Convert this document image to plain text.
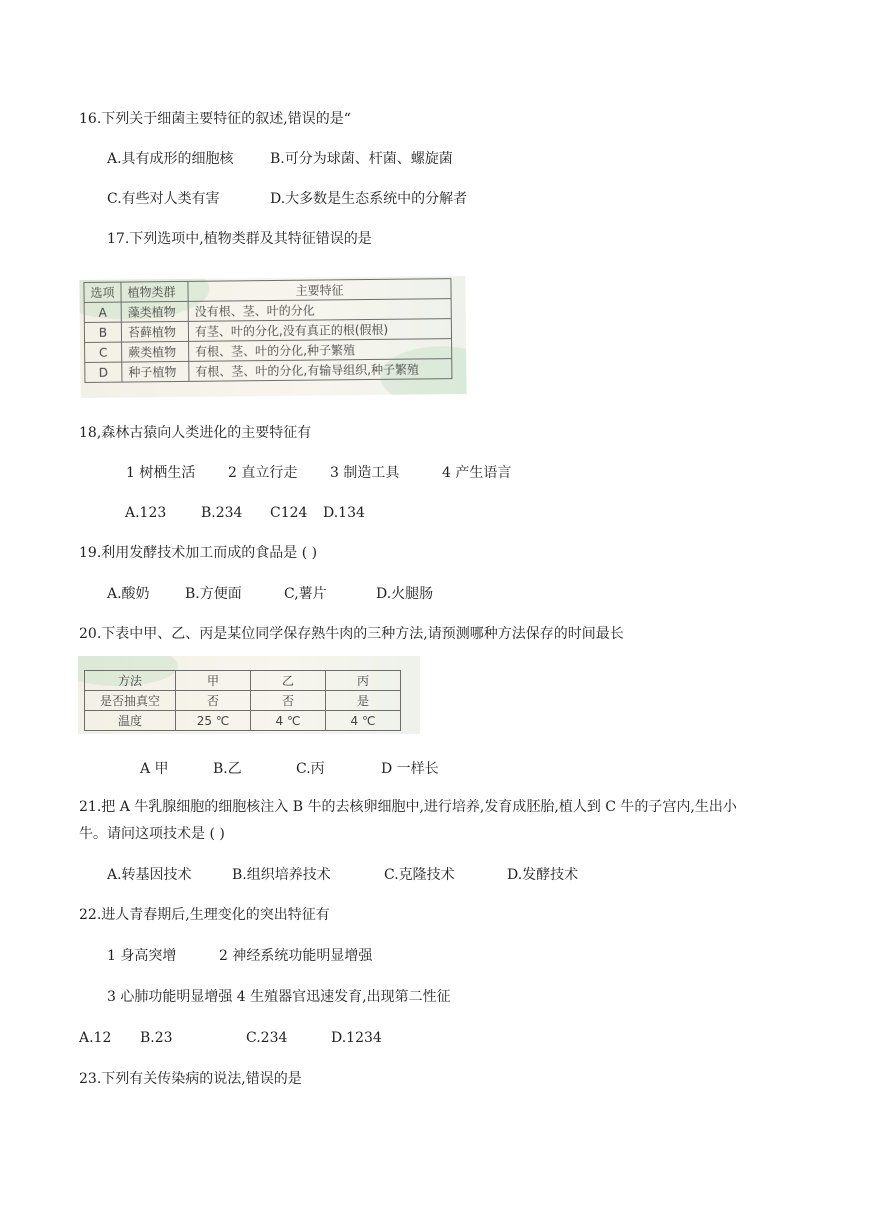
16.下列关于细菌主要特征的叙述,错误的是“
A.具有成形的细胞核	B.可分为球菌、杆菌、螺旋菌
C.有些对人类有害	D.大多数是生态系统中的分解者
17.下列选项中,植物类群及其特征错误的是
选项	植物类群	主要特征
A	藻类植物	没有根、茎、叶的分化
B	苔藓植物	有茎、叶的分化,没有真正的根(假根)
C	蕨类植物	有根、茎、叶的分化,种子繁殖
D	种子植物	有根、茎、叶的分化,有输导组织,种子繁殖
18,森林古猿向人类进化的主要特征有
1 树栖生活 2 直立行走 3 制造工具	4 产生语言
A.123 B.234 C124 D.134
19.利用发酵技术加工而成的食品是 ( )
A.酸奶	B.方便面	C,薯片	D.火腿肠
20.下表中甲、乙、丙是某位同学保存熟牛肉的三种方法,请预测哪种方法保存的时间最长
方法	甲	乙	丙
是否抽真空	否	否	是
温度	25 ℃	4 ℃	4 ℃
A 甲	B.乙	C.丙	D 一样长
21.把 A 牛乳腺细胞的细胞核注入 B 牛的去核卵细胞中,进行培养,发育成胚胎,植人到 C 牛的子宫内,生出小
牛。请问这项技术是 ( )
A.转基因技术	B.组织培养技术	C.克隆技术	D.发酵技术
22.进人青春期后,生理变化的突出特征有
1 身高突增	2 神经系统功能明显增强
3 心肺功能明显增强 4 生殖器官迅速发育,出现第二性征
A.12 B.23	C.234	D.1234
23.下列有关传染病的说法,错误的是
